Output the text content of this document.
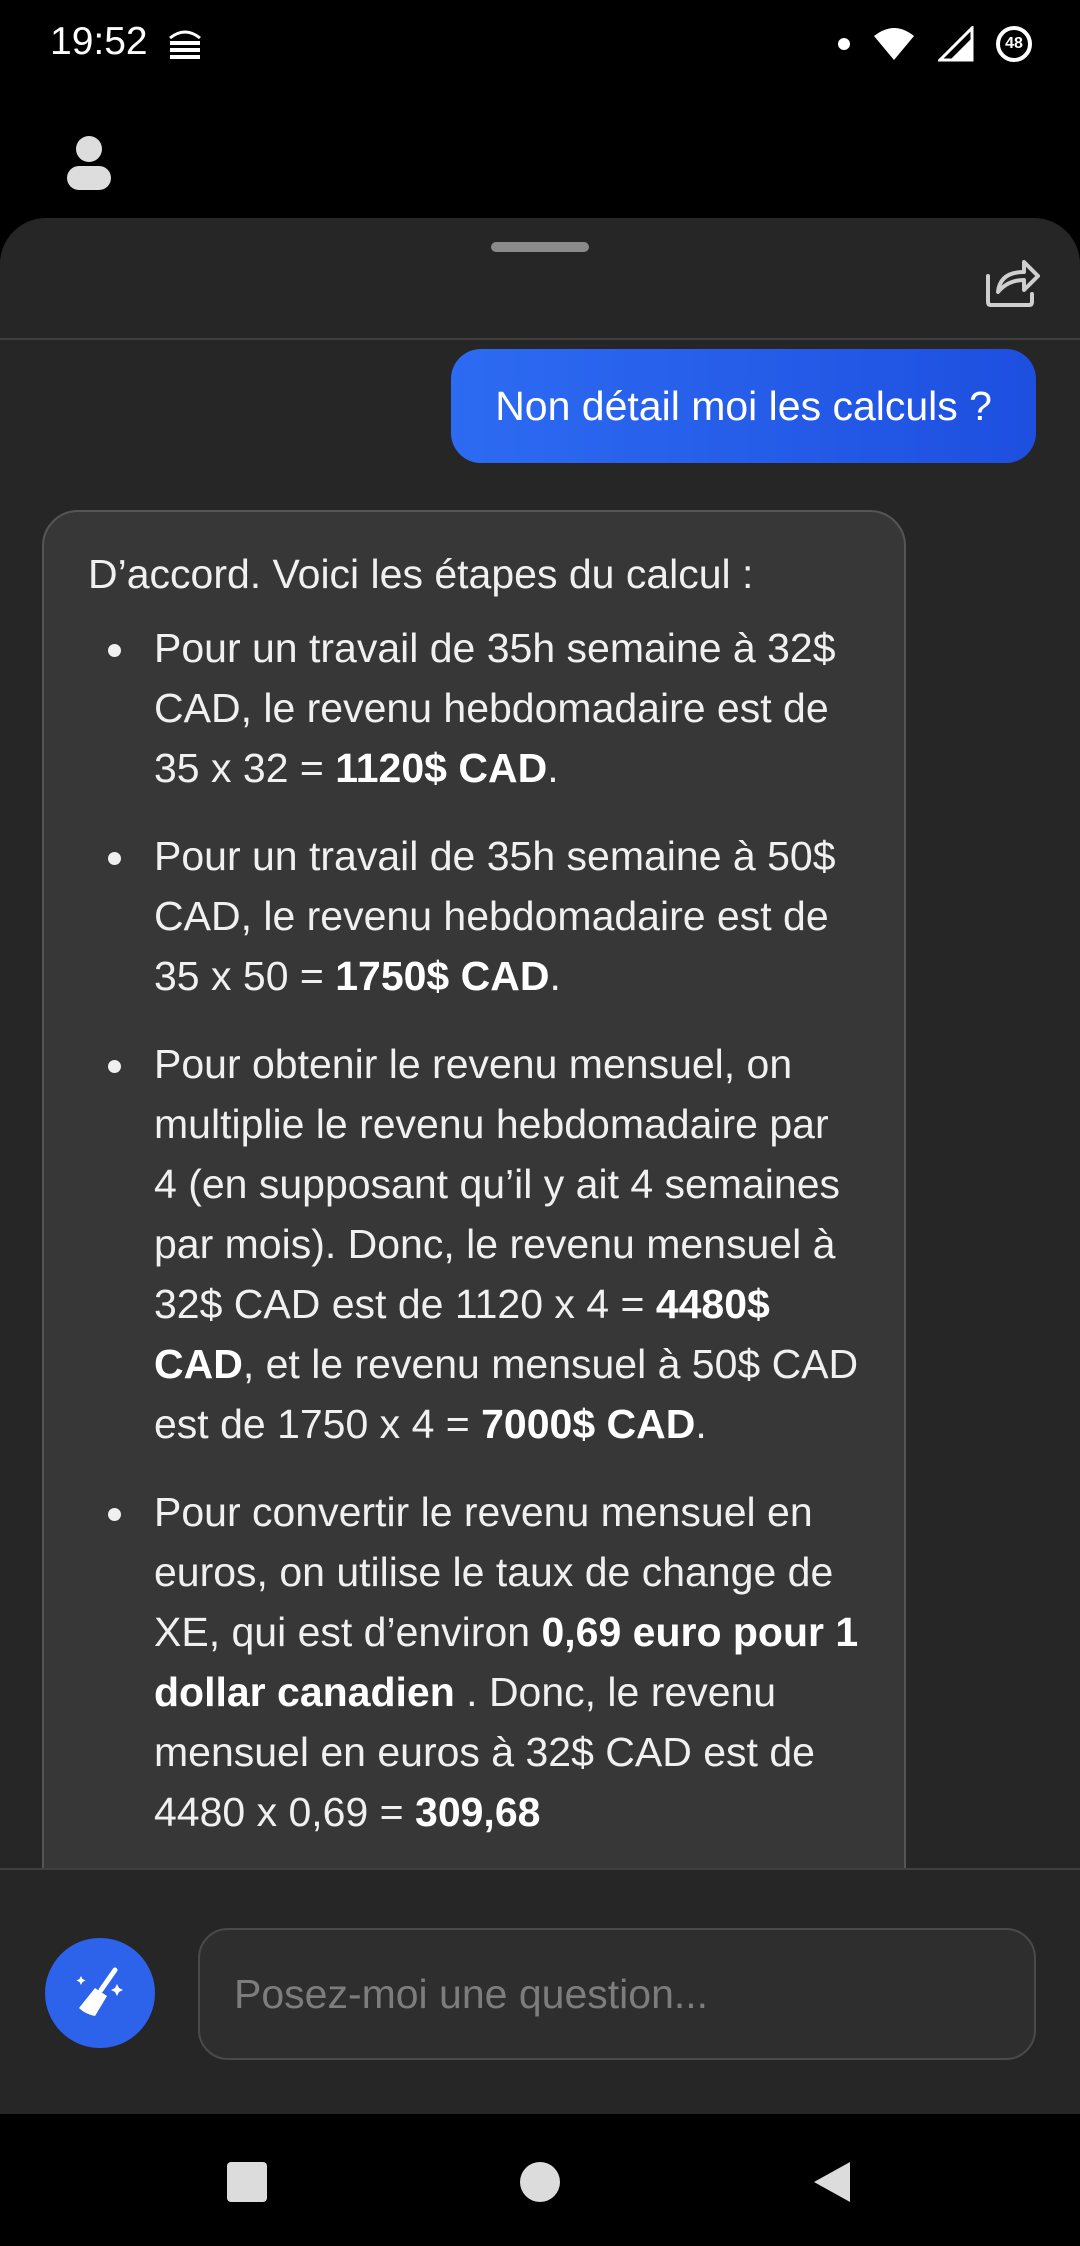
19:52	48
Non détail moi les calculs ?

D’accord. Voici les étapes du calcul :

Pour un travail de 35h semaine à 32$ CAD, le revenu hebdomadaire est de 35 x 32 = 1120$ CAD.
Pour un travail de 35h semaine à 50$ CAD, le revenu hebdomadaire est de 35 x 50 = 1750$ CAD.
Pour obtenir le revenu mensuel, on multiplie le revenu hebdomadaire par 4 (en supposant qu’il y ait 4 semaines par mois). Donc, le revenu mensuel à 32$ CAD est de 1120 x 4 = 4480$ CAD, et le revenu mensuel à 50$ CAD est de 1750 x 4 = 7000$ CAD.
Pour convertir le revenu mensuel en euros, on utilise le taux de change de XE, qui est d’environ 0,69 euro pour 1 dollar canadien . Donc, le revenu mensuel en euros à 32$ CAD est de 4480 x 0,69 = 309,68
Posez-moi une question...
